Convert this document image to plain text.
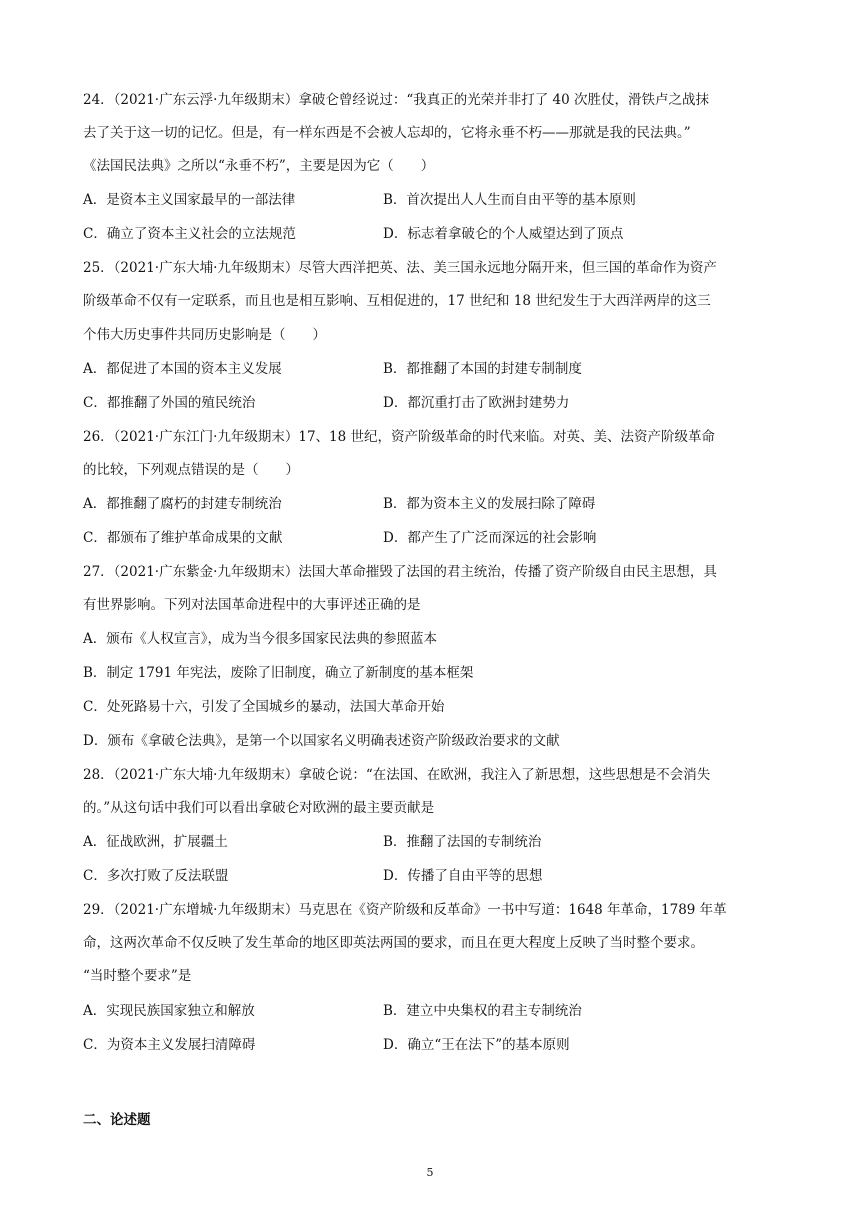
24．（2021·广东云浮·九年级期末）拿破仑曾经说过：“我真正的光荣并非打了 40 次胜仗，滑铁卢之战抹
去了关于这一切的记忆。但是，有一样东西是不会被人忘却的，它将永垂不朽——那就是我的民法典。”
《法国民法典》之所以“永垂不朽”，主要是因为它（　　）
A．是资本主义国家最早的一部法律	B．首次提出人人生而自由平等的基本原则
C．确立了资本主义社会的立法规范	D．标志着拿破仑的个人威望达到了顶点
25．（2021·广东大埔·九年级期末）尽管大西洋把英、法、美三国永远地分隔开来，但三国的革命作为资产
阶级革命不仅有一定联系，而且也是相互影响、互相促进的，17 世纪和 18 世纪发生于大西洋两岸的这三
个伟大历史事件共同历史影响是（　　）
A．都促进了本国的资本主义发展	B．都推翻了本国的封建专制制度
C．都推翻了外国的殖民统治	D．都沉重打击了欧洲封建势力
26．（2021·广东江门·九年级期末）17、18 世纪，资产阶级革命的时代来临。对英、美、法资产阶级革命
的比较，下列观点错误的是（　　）
A．都推翻了腐朽的封建专制统治	B．都为资本主义的发展扫除了障碍
C．都颁布了维护革命成果的文献	D．都产生了广泛而深远的社会影响
27．（2021·广东紫金·九年级期末）法国大革命摧毁了法国的君主统治，传播了资产阶级自由民主思想，具
有世界影响。下列对法国革命进程中的大事评述正确的是
A．颁布《人权宣言》，成为当今很多国家民法典的参照蓝本
B．制定 1791 年宪法，废除了旧制度，确立了新制度的基本框架
C．处死路易十六，引发了全国城乡的暴动，法国大革命开始
D．颁布《拿破仑法典》，是第一个以国家名义明确表述资产阶级政治要求的文献
28．（2021·广东大埔·九年级期末）拿破仑说：“在法国、在欧洲，我注入了新思想，这些思想是不会消失
的。”从这句话中我们可以看出拿破仑对欧洲的最主要贡献是
A．征战欧洲，扩展疆土	B．推翻了法国的专制统治
C．多次打败了反法联盟	D．传播了自由平等的思想
29．（2021·广东增城·九年级期末）马克思在《资产阶级和反革命》一书中写道：1648 年革命，1789 年革
命，这两次革命不仅反映了发生革命的地区即英法两国的要求，而且在更大程度上反映了当时整个要求。
“当时整个要求”是
A．实现民族国家独立和解放	B．建立中央集权的君主专制统治
C．为资本主义发展扫清障碍	D．确立“王在法下”的基本原则
二、论述题
5
